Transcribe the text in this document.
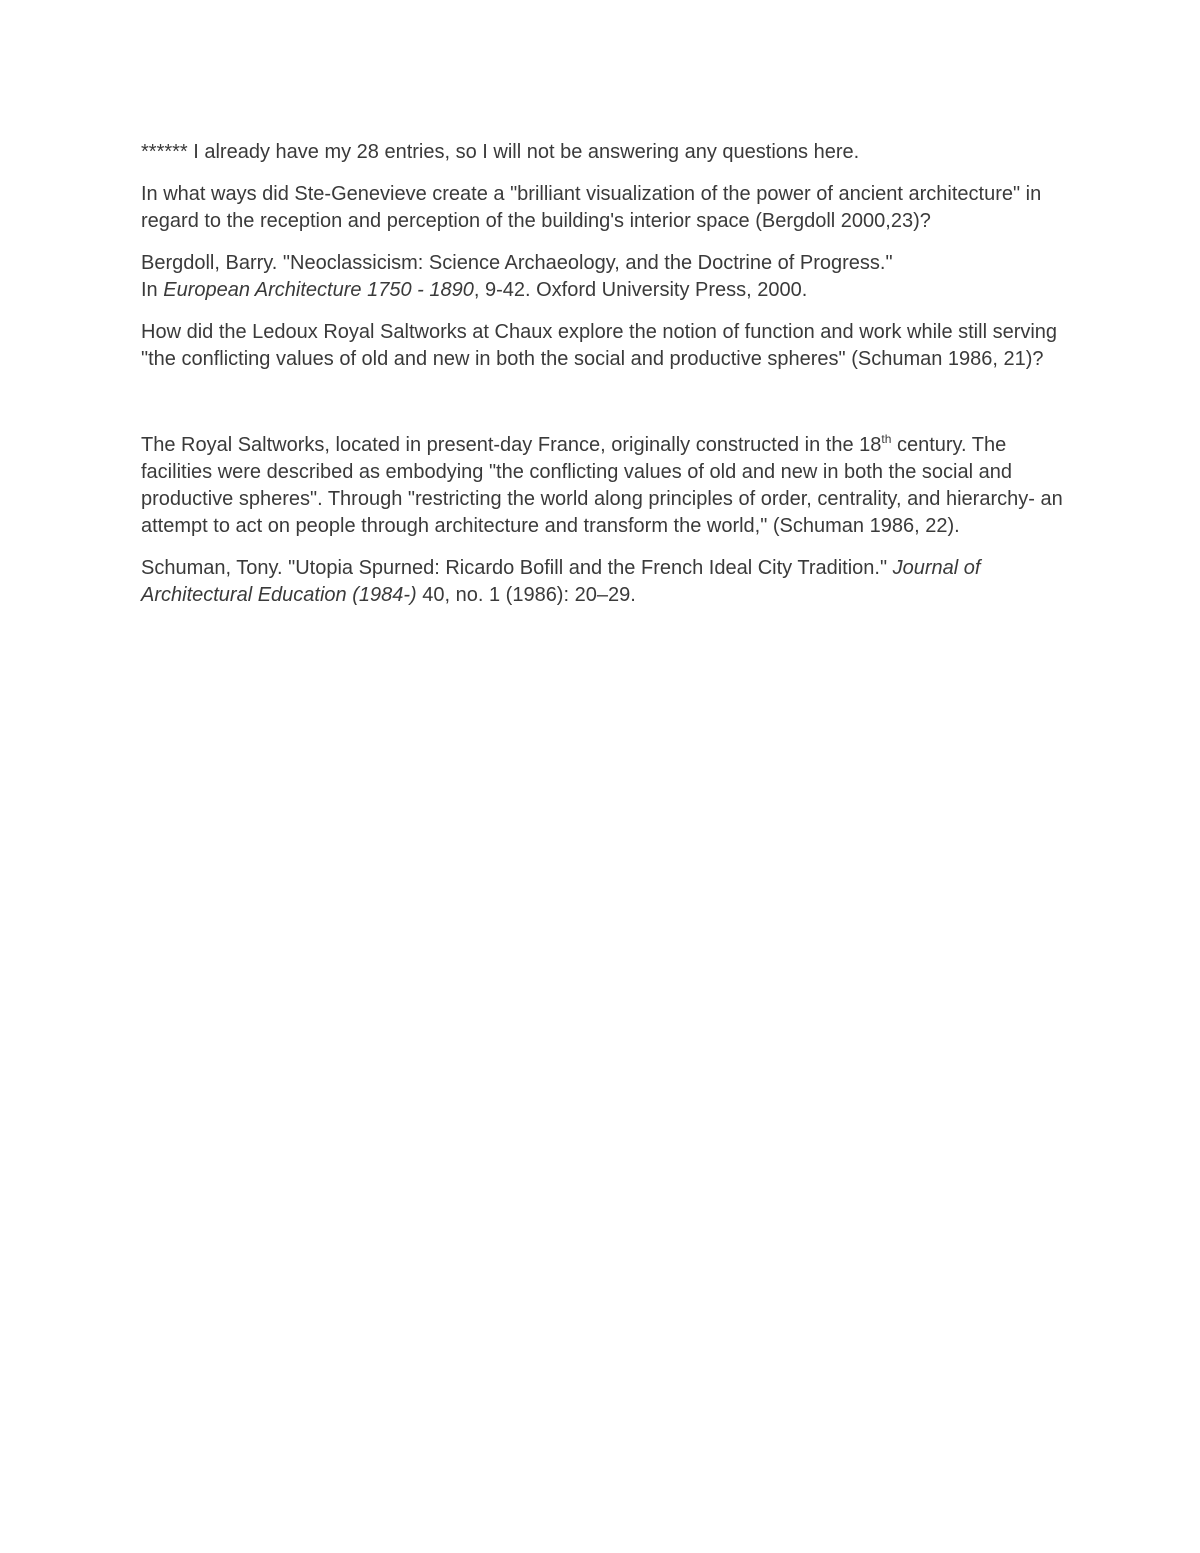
****** I already have my 28 entries, so I will not be answering any questions here.

In what ways did Ste-Genevieve create a "brilliant visualization of the power of ancient architecture" in regard to the reception and perception of the building's interior space (Bergdoll 2000,23)?

Bergdoll, Barry. "Neoclassicism: Science Archaeology, and the Doctrine of Progress."
In European Architecture 1750 - 1890, 9-42. Oxford University Press, 2000.

How did the Ledoux Royal Saltworks at Chaux explore the notion of function and work while still serving "the conflicting values of old and new in both the social and productive spheres" (Schuman 1986, 21)?

The Royal Saltworks, located in present-day France, originally constructed in the 18th century. The facilities were described as embodying "the conflicting values of old and new in both the social and productive spheres". Through "restricting the world along principles of order, centrality, and hierarchy- an attempt to act on people through architecture and transform the world," (Schuman 1986, 22).

Schuman, Tony. "Utopia Spurned: Ricardo Bofill and the French Ideal City Tradition." Journal of Architectural Education (1984-) 40, no. 1 (1986): 20–29.
